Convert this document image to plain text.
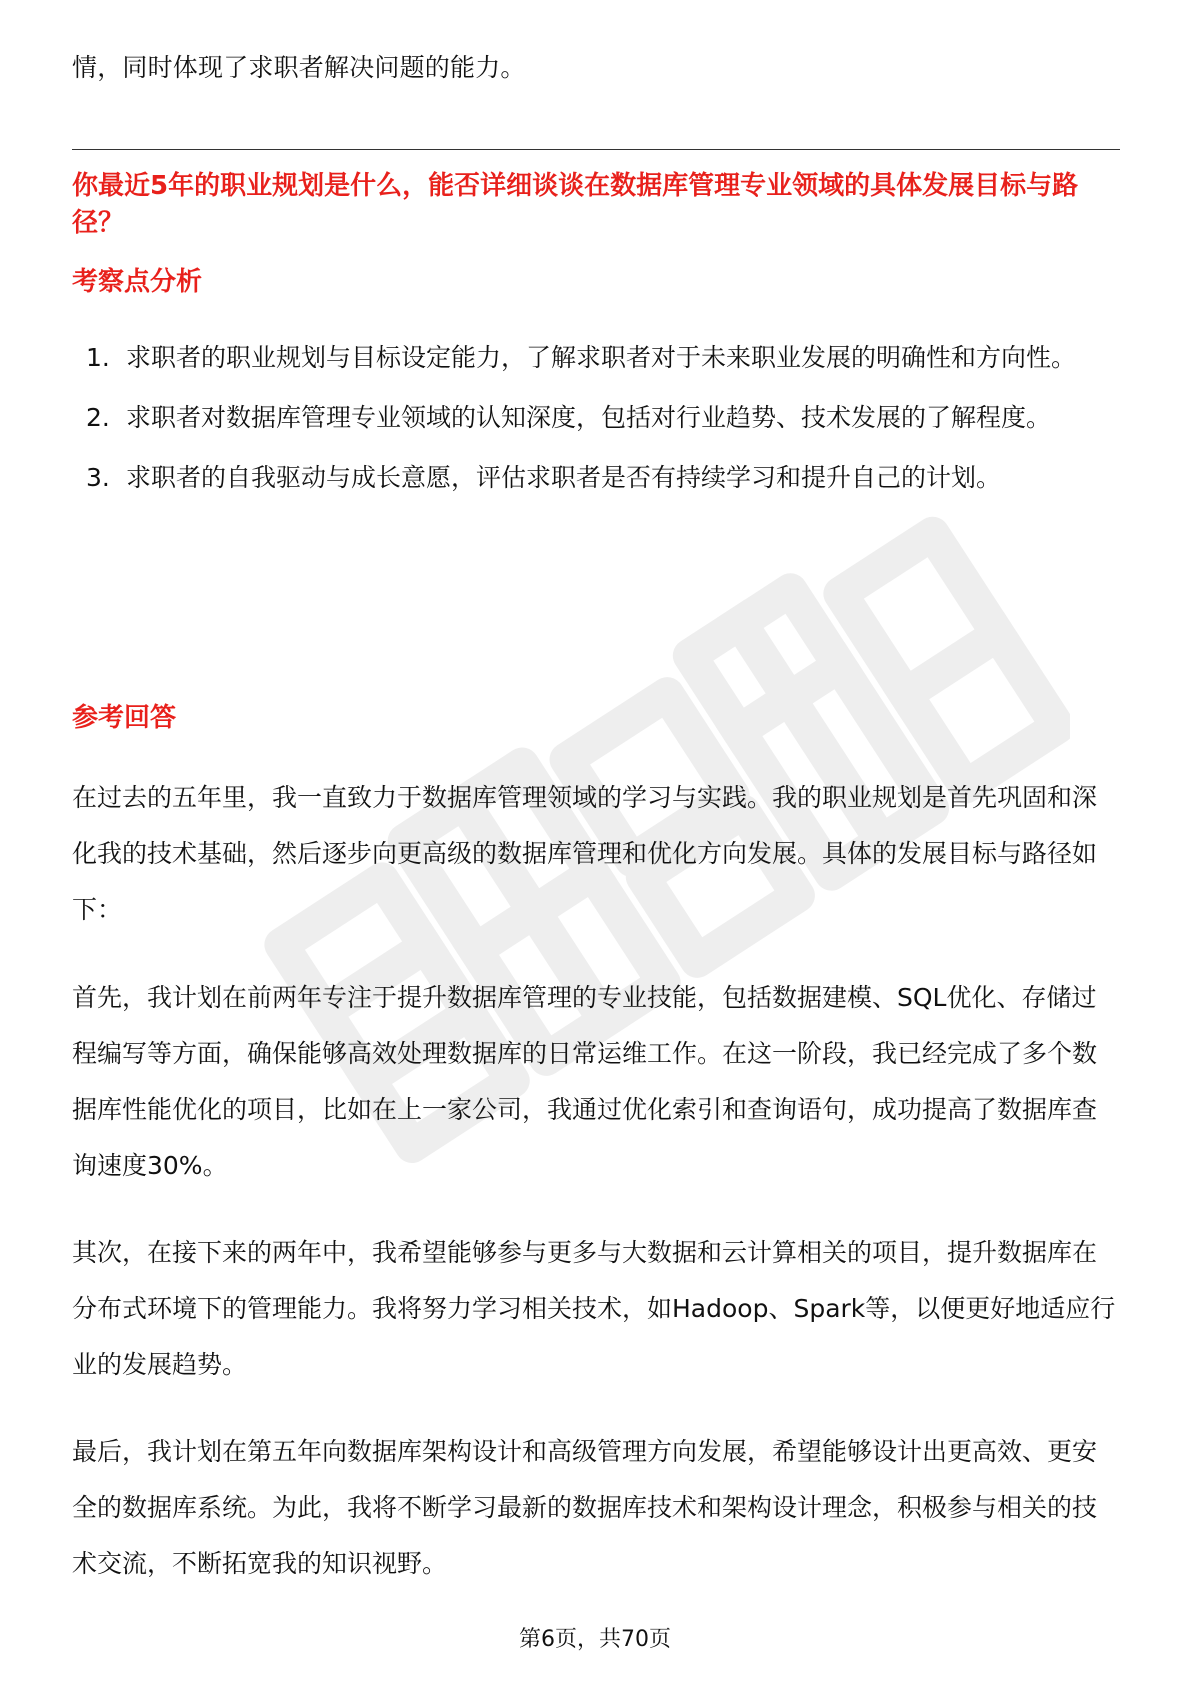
情，同时体现了求职者解决问题的能力。

你最近5年的职业规划是什么，能否详细谈谈在数据库管理专业领域的具体发展目标与路径？
考察点分析
1. 求职者的职业规划与目标设定能力，了解求职者对于未来职业发展的明确性和方向性。
2. 求职者对数据库管理专业领域的认知深度，包括对行业趋势、技术发展的了解程度。
3. 求职者的自我驱动与成长意愿，评估求职者是否有持续学习和提升自己的计划。
参考回答

在过去的五年里，我一直致力于数据库管理领域的学习与实践。我的职业规划是首先巩固和深化我的技术基础，然后逐步向更高级的数据库管理和优化方向发展。具体的发展目标与路径如下：

首先，我计划在前两年专注于提升数据库管理的专业技能，包括数据建模、SQL优化、存储过程编写等方面，确保能够高效处理数据库的日常运维工作。在这一阶段，我已经完成了多个数据库性能优化的项目，比如在上一家公司，我通过优化索引和查询语句，成功提高了数据库查询速度30%。

其次，在接下来的两年中，我希望能够参与更多与大数据和云计算相关的项目，提升数据库在分布式环境下的管理能力。我将努力学习相关技术，如Hadoop、Spark等，以便更好地适应行业的发展趋势。

最后，我计划在第五年向数据库架构设计和高级管理方向发展，希望能够设计出更高效、更安全的数据库系统。为此，我将不断学习最新的数据库技术和架构设计理念，积极参与相关的技术交流，不断拓宽我的知识视野。

第6页，共70页
